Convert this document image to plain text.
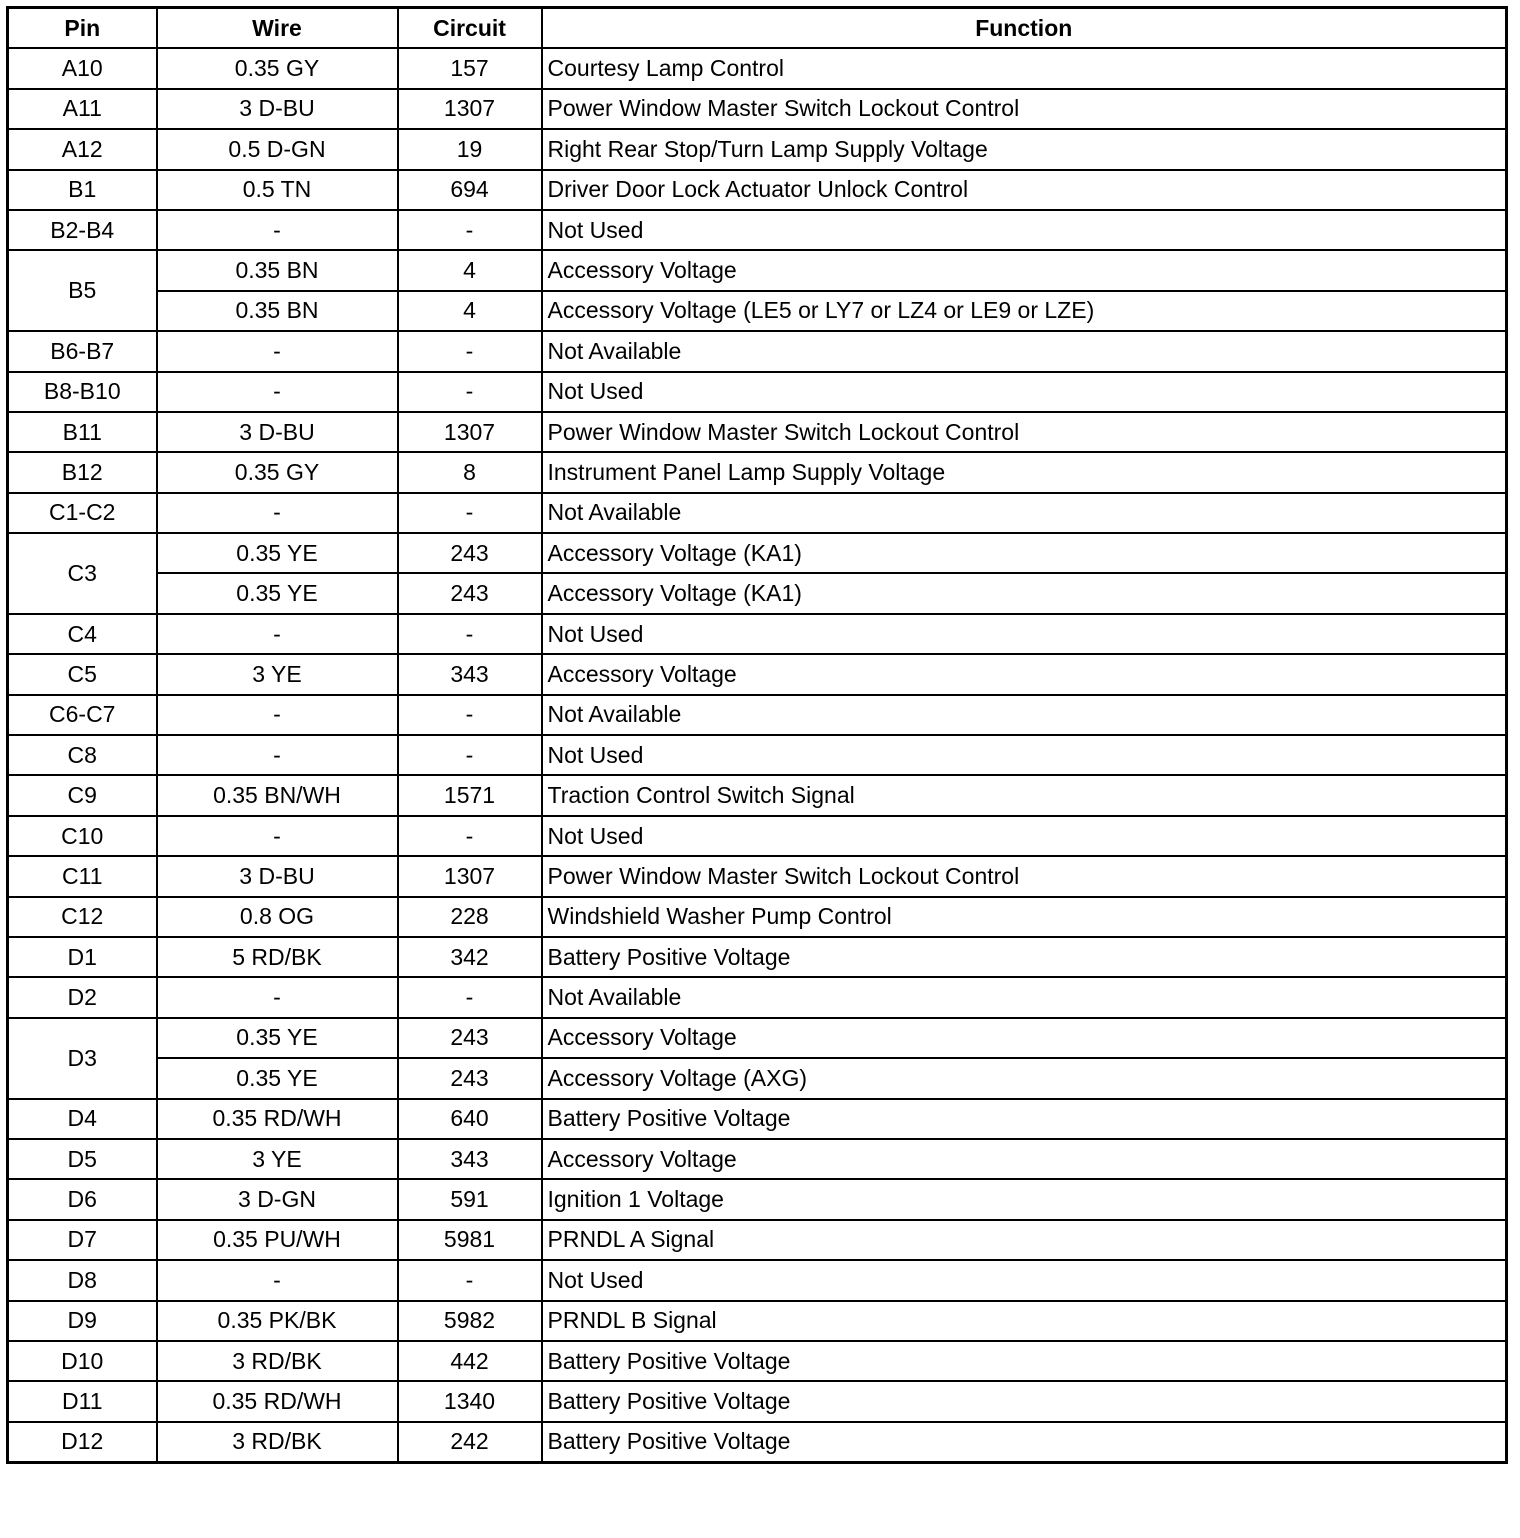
Pin	Wire	Circuit	Function
A10	0.35 GY	157	Courtesy Lamp Control
A11	3 D-BU	1307	Power Window Master Switch Lockout Control
A12	0.5 D-GN	19	Right Rear Stop/Turn Lamp Supply Voltage
B1	0.5 TN	694	Driver Door Lock Actuator Unlock Control
B2-B4	-	-	Not Used
B5	0.35 BN	4	Accessory Voltage
	0.35 BN	4	Accessory Voltage (LE5 or LY7 or LZ4 or LE9 or LZE)
B6-B7	-	-	Not Available
B8-B10	-	-	Not Used
B11	3 D-BU	1307	Power Window Master Switch Lockout Control
B12	0.35 GY	8	Instrument Panel Lamp Supply Voltage
C1-C2	-	-	Not Available
C3	0.35 YE	243	Accessory Voltage (KA1)
	0.35 YE	243	Accessory Voltage (KA1)
C4	-	-	Not Used
C5	3 YE	343	Accessory Voltage
C6-C7	-	-	Not Available
C8	-	-	Not Used
C9	0.35 BN/WH	1571	Traction Control Switch Signal
C10	-	-	Not Used
C11	3 D-BU	1307	Power Window Master Switch Lockout Control
C12	0.8 OG	228	Windshield Washer Pump Control
D1	5 RD/BK	342	Battery Positive Voltage
D2	-	-	Not Available
D3	0.35 YE	243	Accessory Voltage
	0.35 YE	243	Accessory Voltage (AXG)
D4	0.35 RD/WH	640	Battery Positive Voltage
D5	3 YE	343	Accessory Voltage
D6	3 D-GN	591	Ignition 1 Voltage
D7	0.35 PU/WH	5981	PRNDL A Signal
D8	-	-	Not Used
D9	0.35 PK/BK	5982	PRNDL B Signal
D10	3 RD/BK	442	Battery Positive Voltage
D11	0.35 RD/WH	1340	Battery Positive Voltage
D12	3 RD/BK	242	Battery Positive Voltage
